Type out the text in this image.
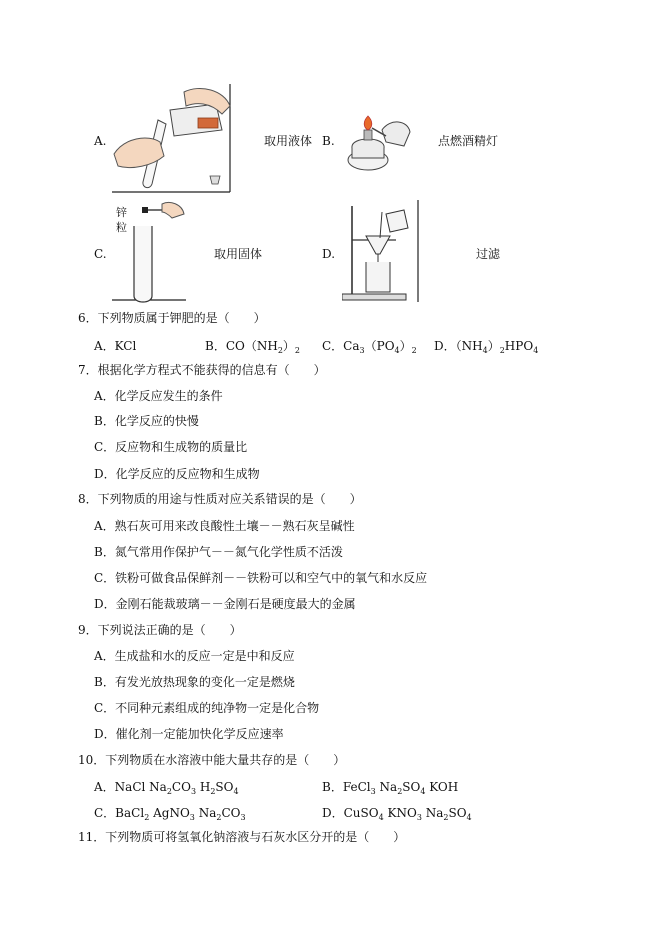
A.	取用液体 B.	点燃酒精灯
C.
锌
粒
取用固体	D.	过滤
6．下列物质属于钾肥的是（　　）
A．KCl	B．$CO(NH_2)_2$ C．$Ca_3(PO_4)_2$ D．$(NH_4)_2HPO_4$
7．根据化学方程式不能获得的信息有（　　）
A．化学反应发生的条件
B．化学反应的快慢
C．反应物和生成物的质量比
D．化学反应的反应物和生成物
8．下列物质的用途与性质对应关系错误的是（　　）
A．熟石灰可用来改良酸性土壤－－熟石灰呈碱性
B．氮气常用作保护气－－氮气化学性质不活泼
C．铁粉可做食品保鲜剂－－铁粉可以和空气中的氧气和水反应
D．金刚石能裁玻璃－－金刚石是硬度最大的金属
9．下列说法正确的是（　　）
A．生成盐和水的反应一定是中和反应
B．有发光放热现象的变化一定是燃烧
C．不同种元素组成的纯净物一定是化合物
D．催化剂一定能加快化学反应速率
10．下列物质在水溶液中能大量共存的是（　　）
A．NaCl $Na_2CO_3$ $H_2SO_4$	B．FeCl$_3$ $Na_2SO_4$ KOH
C．BaCl$_2$ AgNO$_3$ $Na_2CO_3$	D．CuSO$_4$ $KNO_3$ $Na_2SO_4$
11．下列物质可将氢氧化钠溶液与石灰水区分开的是（　　）
